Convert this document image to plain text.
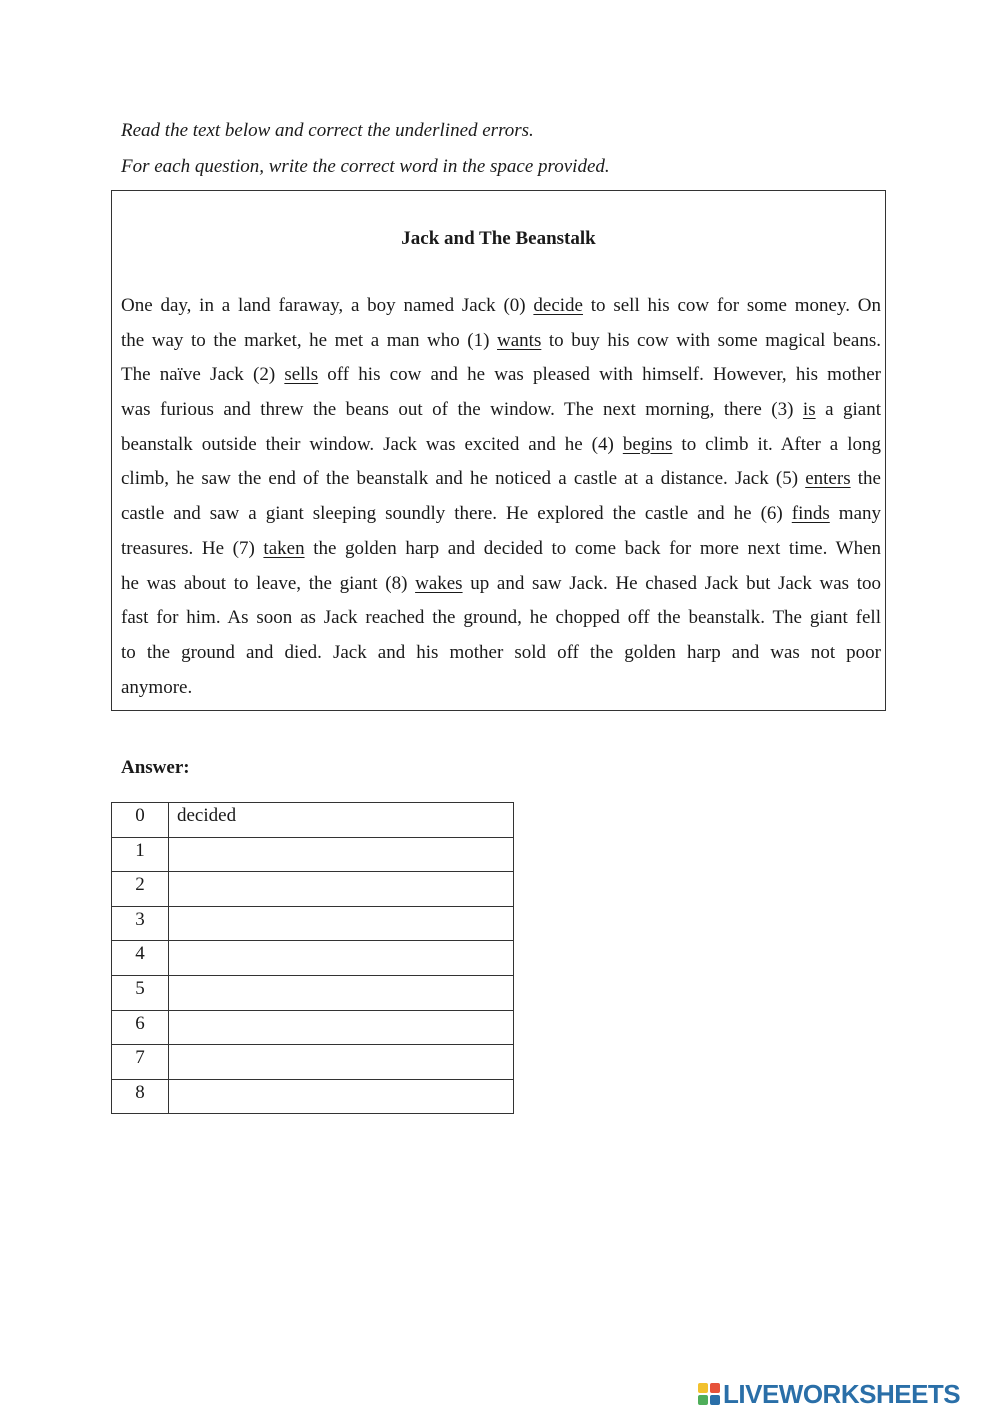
Read the text below and correct the underlined errors.
For each question, write the correct word in the space provided.
Jack and The Beanstalk
One day, in a land faraway, a boy named Jack (0) decide to sell his cow for some money. On
the way to the market, he met a man who (1) wants to buy his cow with some magical beans.
The naïve Jack (2) sells off his cow and he was pleased with himself. However, his mother
was furious and threw the beans out of the window. The next morning, there (3) is a giant
beanstalk outside their window. Jack was excited and he (4) begins to climb it. After a long
climb, he saw the end of the beanstalk and he noticed a castle at a distance. Jack (5) enters the
castle and saw a giant sleeping soundly there. He explored the castle and he (6) finds many
treasures. He (7) taken the golden harp and decided to come back for more next time. When
he was about to leave, the giant (8) wakes up and saw Jack. He chased Jack but Jack was too
fast for him. As soon as Jack reached the ground, he chopped off the beanstalk. The giant fell
to the ground and died. Jack and his mother sold off the golden harp and was not poor
anymore.
Answer:
0	decided
1	
2	
3	
4	
5	
6	
7	
8	
LIVEWORKSHEETS
